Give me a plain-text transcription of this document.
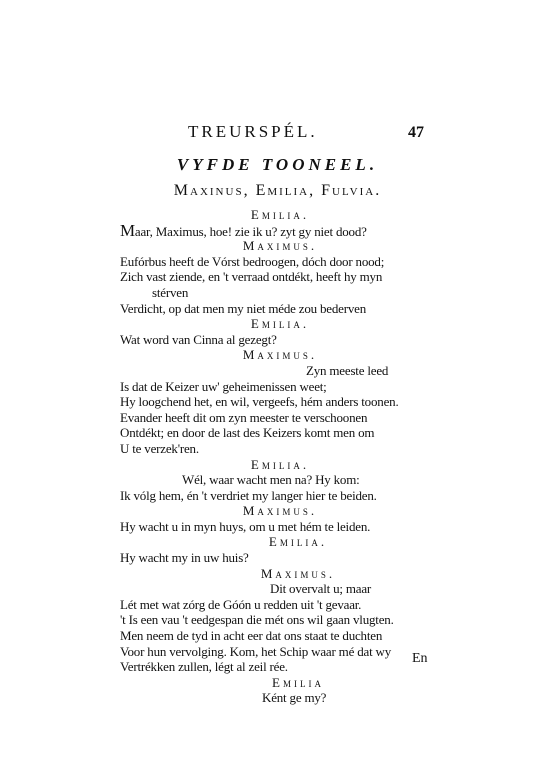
TREURSPÉL.	47
VYFDE TOONEEL.
Maxinus, Emilia, Fulvia.
Emilia.
Maar, Maximus, hoe! zie ik u? zyt gy niet dood?
Maximus.
Eufórbus heeft de Vórst bedroogen, dóch door nood;
Zich vast ziende, en 't verraad ontdékt, heeft hy myn
stérven
Verdicht, op dat men my niet méde zou bederven
Emilia.
Wat word van Cinna al gezegt?
Maximus.
Zyn meeste leed
Is dat de Keizer uw' geheimenissen weet;
Hy loogchend het, en wil, vergeefs, hém anders toonen.
Evander heeft dit om zyn meester te verschoonen
Ontdékt; en door de last des Keizers komt men om
U te verzek'ren.
Emilia.
Wél, waar wacht men na? Hy kom:
Ik vólg hem, én 't verdriet my langer hier te beiden.
Maximus.
Hy wacht u in myn huys, om u met hém te leiden.
Emilia.
Hy wacht my in uw huis?
Maximus.
Dit overvalt u; maar
Lét met wat zórg de Góón u redden uit 't gevaar.
't Is een vau 't eedgespan die mét ons wil gaan vlugten.
Men neem de tyd in acht eer dat ons staat te duchten
Voor hun vervolging. Kom, het Schip waar mé dat wy
Vertrékken zullen, légt al zeil rée.
Emilia
Ként ge my?
En
